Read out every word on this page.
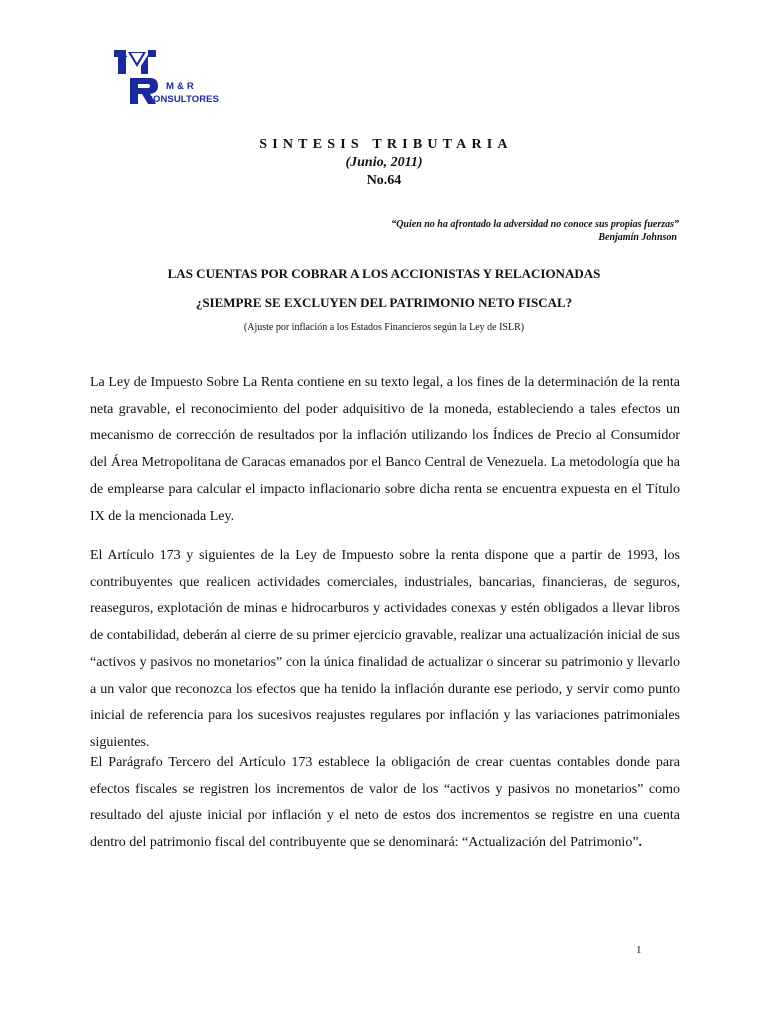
M & R
CONSULTORES
SINTESIS TRIBUTARIA
(Junio, 2011)
No.64
“Quien no ha afrontado la adversidad no conoce sus propias fuerzas”
Benjamín Johnson
LAS CUENTAS POR COBRAR A LOS ACCIONISTAS Y RELACIONADAS
¿SIEMPRE SE EXCLUYEN DEL PATRIMONIO NETO FISCAL?
(Ajuste por inflación a los Estados Financieros según la Ley de ISLR)

La Ley de Impuesto Sobre La Renta contiene en su texto legal, a los fines de la determinación de la renta neta gravable, el reconocimiento del poder adquisitivo de la moneda, estableciendo a tales efectos un mecanismo de corrección de resultados por la inflación utilizando los Índices de Precio al Consumidor del Área Metropolitana de Caracas emanados por el Banco Central de Venezuela. La metodología que ha de emplearse para calcular el impacto inflacionario sobre dicha renta se encuentra expuesta en el Título IX de la mencionada Ley.

El Artículo 173 y siguientes de la Ley de Impuesto sobre la renta dispone que a partir de 1993, los contribuyentes que realicen actividades comerciales, industriales, bancarias, financieras, de seguros, reaseguros, explotación de minas e hidrocarburos y actividades conexas y estén obligados a llevar libros de contabilidad, deberán al cierre de su primer ejercicio gravable, realizar una actualización inicial de sus “activos y pasivos no monetarios” con la única finalidad de actualizar o sincerar su patrimonio y llevarlo a un valor que reconozca los efectos que ha tenido la inflación durante ese periodo, y servir como punto inicial de referencia para los sucesivos reajustes regulares por inflación y las variaciones patrimoniales siguientes.

El Parágrafo Tercero del Artículo 173 establece la obligación de crear cuentas contables donde para efectos fiscales se registren los incrementos de valor de los “activos y pasivos no monetarios” como resultado del ajuste inicial por inflación y el neto de estos dos incrementos se registre en una cuenta dentro del patrimonio fiscal del contribuyente que se denominará: “Actualización del Patrimonio”.

1
